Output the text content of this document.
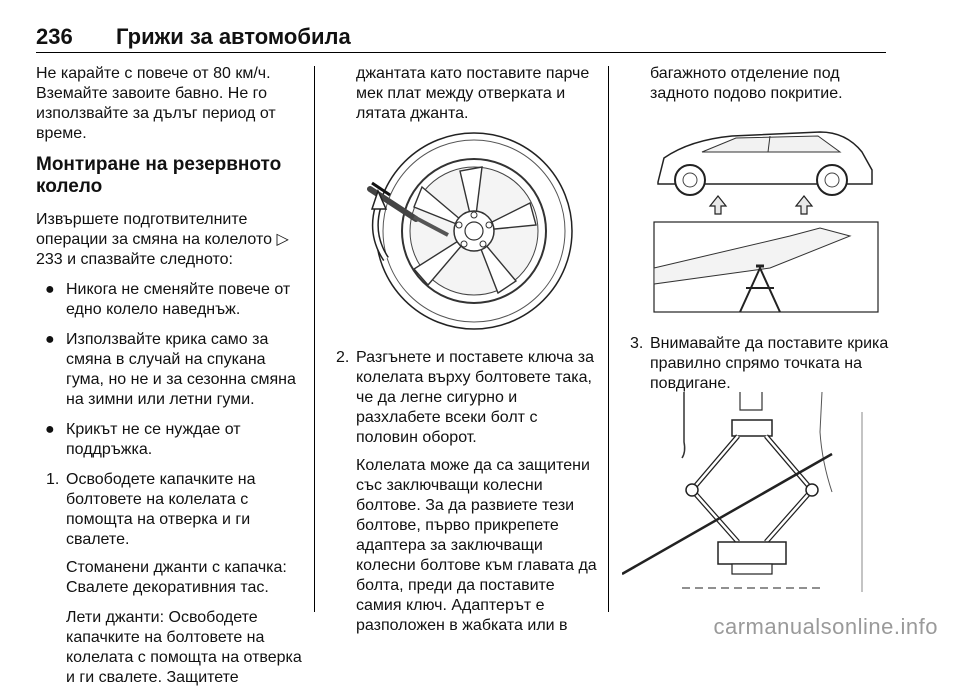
236 Грижи за автомобила

Не карайте с повече от 80 км/ч. Вземайте завоите бавно. Не го използвайте за дълъг период от време.

Монтиране на резервното колело

Извършете подготвителните операции за смяна на колелото ▷ 233 и спазвайте следното:

● Никога не сменяйте повече от едно колело наведнъж.
● Използвайте крика само за смяна в случай на спукана гума, но не и за сезонна смяна на зимни или летни гуми.
● Крикът не се нуждае от поддръжка.
1. Освободете капачките на болтовете на колелата с помощта на отверка и ги свалете.

Стоманени джанти с капачка: Свалете декоративния тас.

Лети джанти: Освободете капачките на болтовете на колелата с помощта на отверка и ги свалете. Защитете

джантата като поставите парче мек плат между отверката и лятата джанта.

2. Разгънете и поставете ключа за колелата върху болтовете така, че да легне сигурно и разхлабете всеки болт с половин оборот.

Колелата може да са защитени със заключващи колесни болтове. За да развиете тези болтове, първо прикрепете адаптера за заключващи колесни болтове към главата да болта, преди да поставите самия ключ. Адаптерът е разположен в жабката или в

багажното отделение под задното подово покритие.

3. Внимавайте да поставите крика правилно спрямо точката на повдигане.
carmanualsonline.info
